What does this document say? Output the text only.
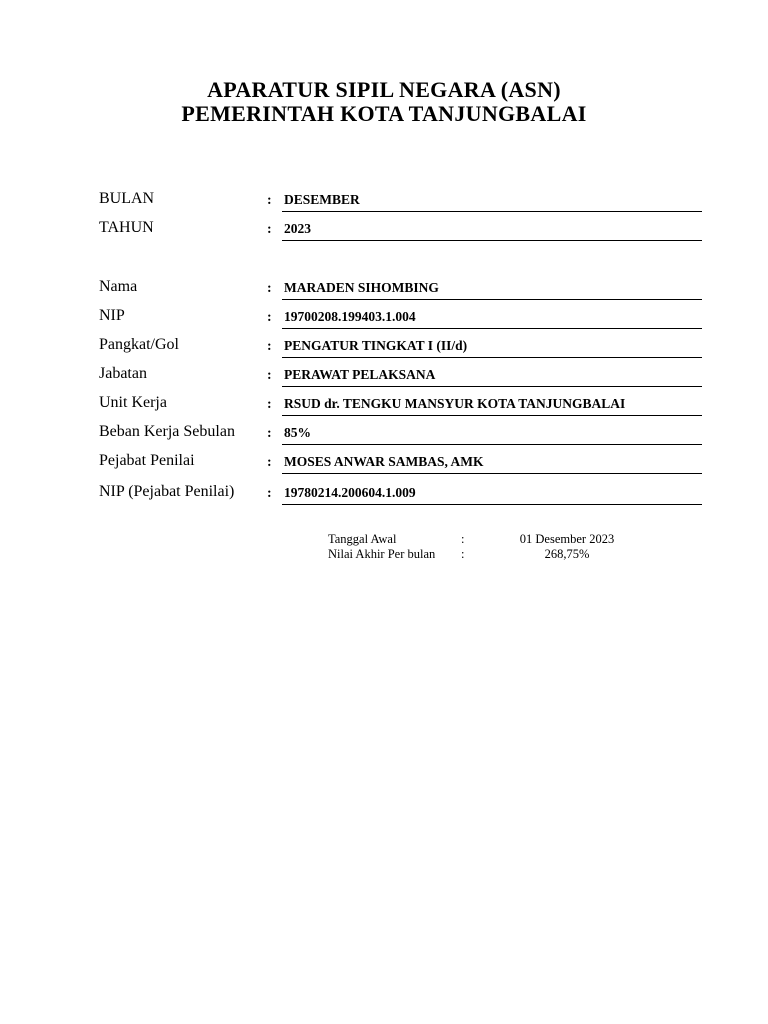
APARATUR SIPIL NEGARA (ASN)
PEMERINTAH KOTA TANJUNGBALAI
BULAN	: DESEMBER
TAHUN	: 2023
Nama	: MARADEN SIHOMBING
NIP	: 19700208.199403.1.004
Pangkat/Gol	: PENGATUR TINGKAT I (II/d)
Jabatan	: PERAWAT PELAKSANA
Unit Kerja	: RSUD dr. TENGKU MANSYUR KOTA TANJUNGBALAI
Beban Kerja Sebulan : 85%
Pejabat Penilai	: MOSES ANWAR SAMBAS, AMK
NIP (Pejabat Penilai) : 19780214.200604.1.009
Tanggal Awal	:	01 Desember 2023
Nilai Akhir Per bulan :	268,75%
